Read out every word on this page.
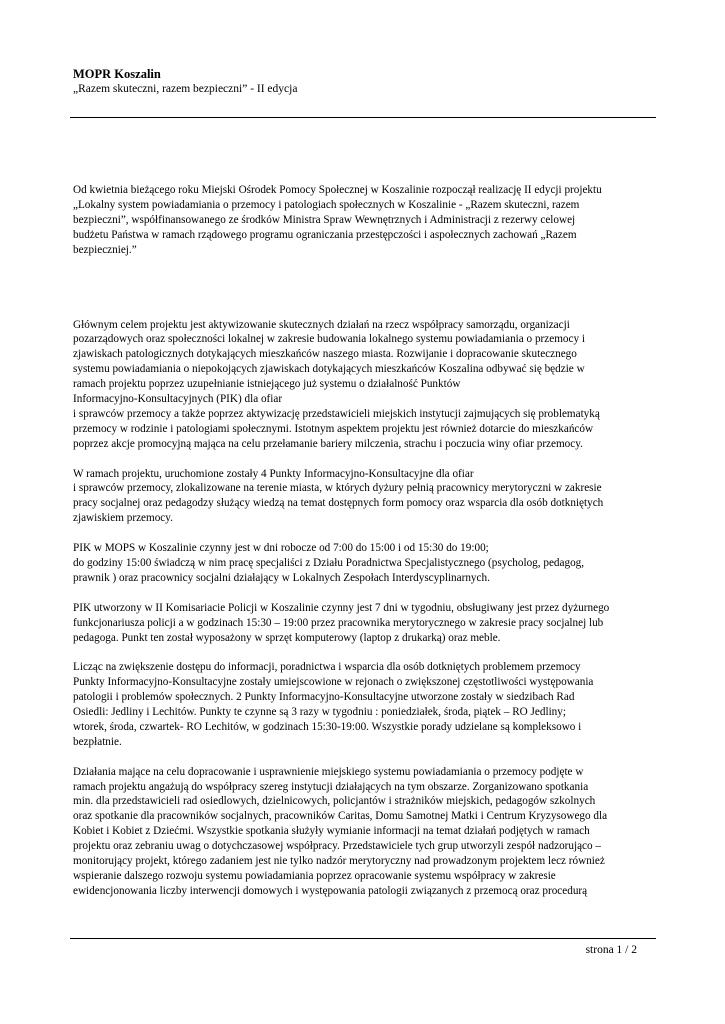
MOPR Koszalin
„Razem skuteczni, razem bezpieczni” - II edycja

Od kwietnia bieżącego roku Miejski Ośrodek Pomocy Społecznej w Koszalinie rozpoczął realizację II edycji projektu
„Lokalny system powiadamiania o przemocy i patologiach społecznych w Koszalinie - „Razem skuteczni, razem
bezpieczni”, współfinansowanego ze środków Ministra Spraw Wewnętrznych i Administracji z rezerwy celowej
budżetu Państwa w ramach rządowego programu ograniczania przestępczości i aspołecznych zachowań „Razem
bezpieczniej.”

Głównym celem projektu jest aktywizowanie skutecznych działań na rzecz współpracy samorządu, organizacji
pozarządowych oraz społeczności lokalnej w zakresie budowania lokalnego systemu powiadamiania o przemocy i
zjawiskach patologicznych dotykających mieszkańców naszego miasta. Rozwijanie i dopracowanie skutecznego
systemu powiadamiania o niepokojących zjawiskach dotykających mieszkańców Koszalina odbywać się będzie w
ramach projektu poprzez uzupełnianie istniejącego już systemu o działalność Punktów
Informacyjno-Konsultacyjnych (PIK) dla ofiar
i sprawców przemocy a także poprzez aktywizację przedstawicieli miejskich instytucji zajmujących się problematyką
przemocy w rodzinie i patologiami społecznymi. Istotnym aspektem projektu jest również dotarcie do mieszkańców
poprzez akcje promocyjną mająca na celu przełamanie bariery milczenia, strachu i poczucia winy ofiar przemocy.

W ramach projektu, uruchomione zostały 4 Punkty Informacyjno-Konsultacyjne dla ofiar
i sprawców przemocy, zlokalizowane na terenie miasta, w których dyżury pełnią pracownicy merytoryczni w zakresie
pracy socjalnej oraz pedagodzy służący wiedzą na temat dostępnych form pomocy oraz wsparcia dla osób dotkniętych
zjawiskiem przemocy.

PIK w MOPS w Koszalinie czynny jest w dni robocze od 7:00 do 15:00 i od 15:30 do 19:00;
do godziny 15:00 świadczą w nim pracę specjaliści z Działu Poradnictwa Specjalistycznego (psycholog, pedagog,
prawnik ) oraz pracownicy socjalni działający w Lokalnych Zespołach Interdyscyplinarnych.

PIK utworzony w II Komisariacie Policji w Koszalinie czynny jest 7 dni w tygodniu, obsługiwany jest przez dyżurnego
funkcjonariusza policji a w godzinach 15:30 – 19:00 przez pracownika merytorycznego w zakresie pracy socjalnej lub
pedagoga. Punkt ten został wyposażony w sprzęt komputerowy (laptop z drukarką) oraz meble.

Licząc na zwiększenie dostępu do informacji, poradnictwa i wsparcia dla osób dotkniętych problemem przemocy
Punkty Informacyjno-Konsultacyjne zostały umiejscowione w rejonach o zwiększonej częstotliwości występowania
patologii i problemów społecznych. 2 Punkty Informacyjno-Konsultacyjne utworzone zostały w siedzibach Rad
Osiedli: Jedliny i Lechitów. Punkty te czynne są 3 razy w tygodniu : poniedziałek, środa, piątek – RO Jedliny;
wtorek, środa, czwartek- RO Lechitów, w godzinach 15:30-19:00. Wszystkie porady udzielane są kompleksowo i
bezpłatnie.

Działania mające na celu dopracowanie i usprawnienie miejskiego systemu powiadamiania o przemocy podjęte w
ramach projektu angażują do współpracy szereg instytucji działających na tym obszarze. Zorganizowano spotkania
min. dla przedstawicieli rad osiedlowych, dzielnicowych, policjantów i strażników miejskich, pedagogów szkolnych
oraz spotkanie dla pracowników socjalnych, pracowników Caritas, Domu Samotnej Matki i Centrum Kryzysowego dla
Kobiet i Kobiet z Dziećmi. Wszystkie spotkania służyły wymianie informacji na temat działań podjętych w ramach
projektu oraz zebraniu uwag o dotychczasowej współpracy. Przedstawiciele tych grup utworzyli zespół nadzorująco –
monitorujący projekt, którego zadaniem jest nie tylko nadzór merytoryczny nad prowadzonym projektem lecz również
wspieranie dalszego rozwoju systemu powiadamiania poprzez opracowanie systemu współpracy w zakresie
ewidencjonowania liczby interwencji domowych i występowania patologii związanych z przemocą oraz procedurą

strona 1 / 2
